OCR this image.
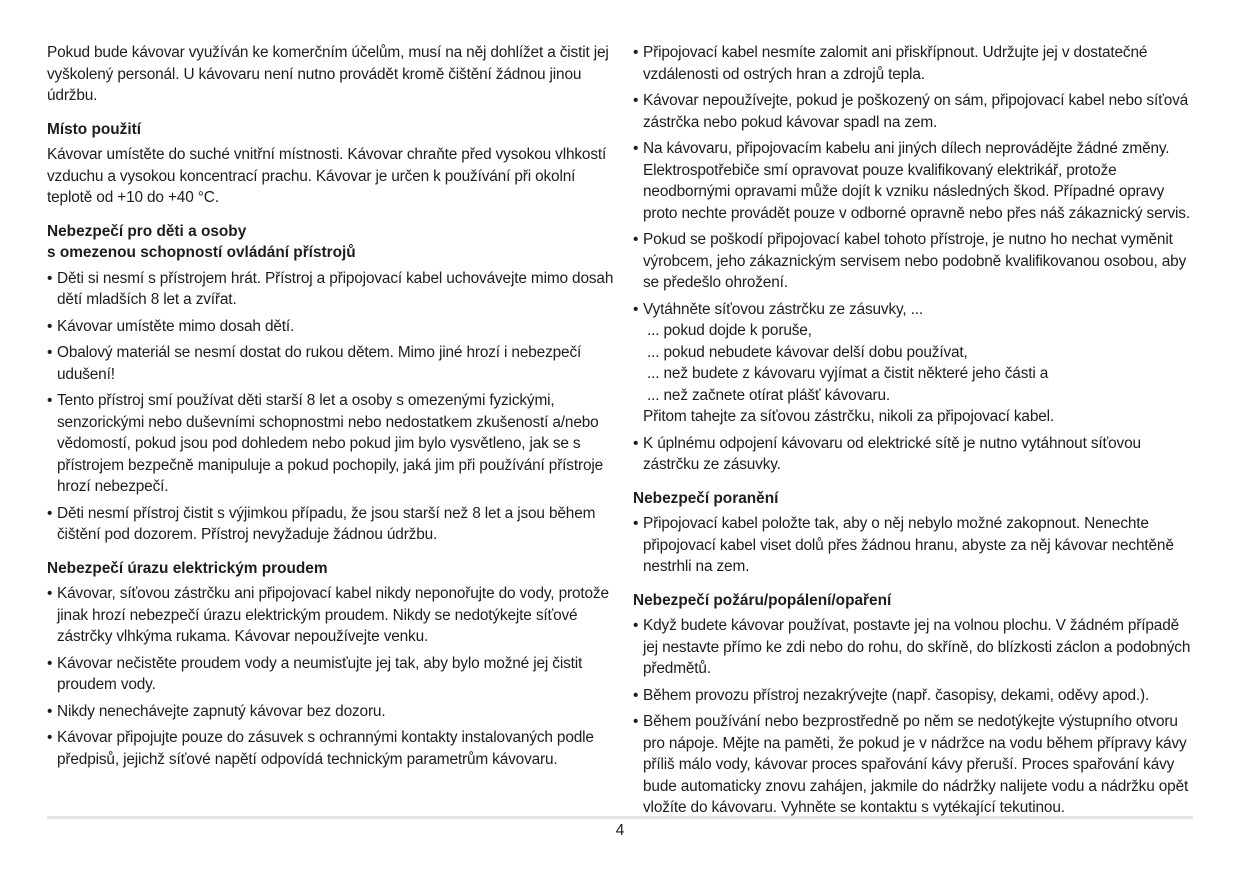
Pokud bude kávovar využíván ke komerčním účelům, musí na něj dohlížet a čistit jej vyškolený personál. U kávovaru není nutno provádět kromě čištění žádnou jinou údržbu.

Místo použití

Kávovar umístěte do suché vnitřní místnosti. Kávovar chraňte před vysokou vlhkostí vzduchu a vysokou koncentrací prachu. Kávovar je určen k používání při okolní teplotě od +10 do +40 °C.

Nebezpečí pro děti a osoby
s omezenou schopností ovládání přístrojů
• Děti si nesmí s přístrojem hrát. Přístroj a připojovací kabel uchovávejte mimo dosah dětí mladších 8 let a zvířat.
• Kávovar umístěte mimo dosah dětí.
• Obalový materiál se nesmí dostat do rukou dětem. Mimo jiné hrozí i nebezpečí udušení!
• Tento přístroj smí používat děti starší 8 let a osoby s omezenými fyzickými, senzorickými nebo duševními schopnostmi nebo nedostatkem zkušeností a/nebo vědomostí, pokud jsou pod dohledem nebo pokud jim bylo vysvětleno, jak se s přístrojem bezpečně manipuluje a pokud pochopily, jaká jim při používání přístroje hrozí nebezpečí.
• Děti nesmí přístroj čistit s výjimkou případu, že jsou starší než 8 let a jsou během čištění pod dozorem. Přístroj nevyžaduje žádnou údržbu.
Nebezpečí úrazu elektrickým proudem
• Kávovar, síťovou zástrčku ani připojovací kabel nikdy neponořujte do vody, protože jinak hrozí nebezpečí úrazu elektrickým proudem. Nikdy se nedotýkejte síťové zástrčky vlhkýma rukama. Kávovar nepoužívejte venku.
• Kávovar nečistěte proudem vody a neumisťujte jej tak, aby bylo možné jej čistit proudem vody.
• Nikdy nenechávejte zapnutý kávovar bez dozoru.
• Kávovar připojujte pouze do zásuvek s ochrannými kontakty instalovaných podle předpisů, jejichž síťové napětí odpovídá technickým parametrům kávovaru.
• Připojovací kabel nesmíte zalomit ani přiskřípnout. Udržujte jej v dostatečné vzdálenosti od ostrých hran a zdrojů tepla.
• Kávovar nepoužívejte, pokud je poškozený on sám, připojovací kabel nebo síťová zástrčka nebo pokud kávovar spadl na zem.
• Na kávovaru, připojovacím kabelu ani jiných dílech neprovádějte žádné změny. Elektrospotřebiče smí opravovat pouze kvalifikovaný elektrikář, protože neodbornými opravami může dojít k vzniku následných škod. Případné opravy proto nechte provádět pouze v odborné opravně nebo přes náš zákaznický servis.
• Pokud se poškodí připojovací kabel tohoto přístroje, je nutno ho nechat vyměnit výrobcem, jeho zákaznickým servisem nebo podobně kvalifikovanou osobou, aby se předešlo ohrožení.
• Vytáhněte síťovou zástrčku ze zásuvky, ...
... pokud dojde k poruše,
... pokud nebudete kávovar delší dobu používat,
... než budete z kávovaru vyjímat a čistit některé jeho části a
... než začnete otírat plášť kávovaru.
Přitom tahejte za síťovou zástrčku, nikoli za připojovací kabel.
• K úplnému odpojení kávovaru od elektrické sítě je nutno vytáhnout síťovou zástrčku ze zásuvky.
Nebezpečí poranění
• Připojovací kabel položte tak, aby o něj nebylo možné zakopnout. Nenechte připojovací kabel viset dolů přes žádnou hranu, abyste za něj kávovar nechtěně nestrhli na zem.
Nebezpečí požáru/popálení/opaření
• Když budete kávovar používat, postavte jej na volnou plochu. V žádném případě jej nestavte přímo ke zdi nebo do rohu, do skříně, do blízkosti záclon a podobných předmětů.
• Během provozu přístroj nezakrývejte (např. časopisy, dekami, oděvy apod.).
• Během používání nebo bezprostředně po něm se nedotýkejte výstupního otvoru pro nápoje. Mějte na paměti, že pokud je v nádržce na vodu během přípravy kávy příliš málo vody, kávovar proces spařování kávy přeruší. Proces spařování kávy bude automaticky znovu zahájen, jakmile do nádržky nalijete vodu a nádržku opět vložíte do kávovaru. Vyhněte se kontaktu s vytékající tekutinou.
4
